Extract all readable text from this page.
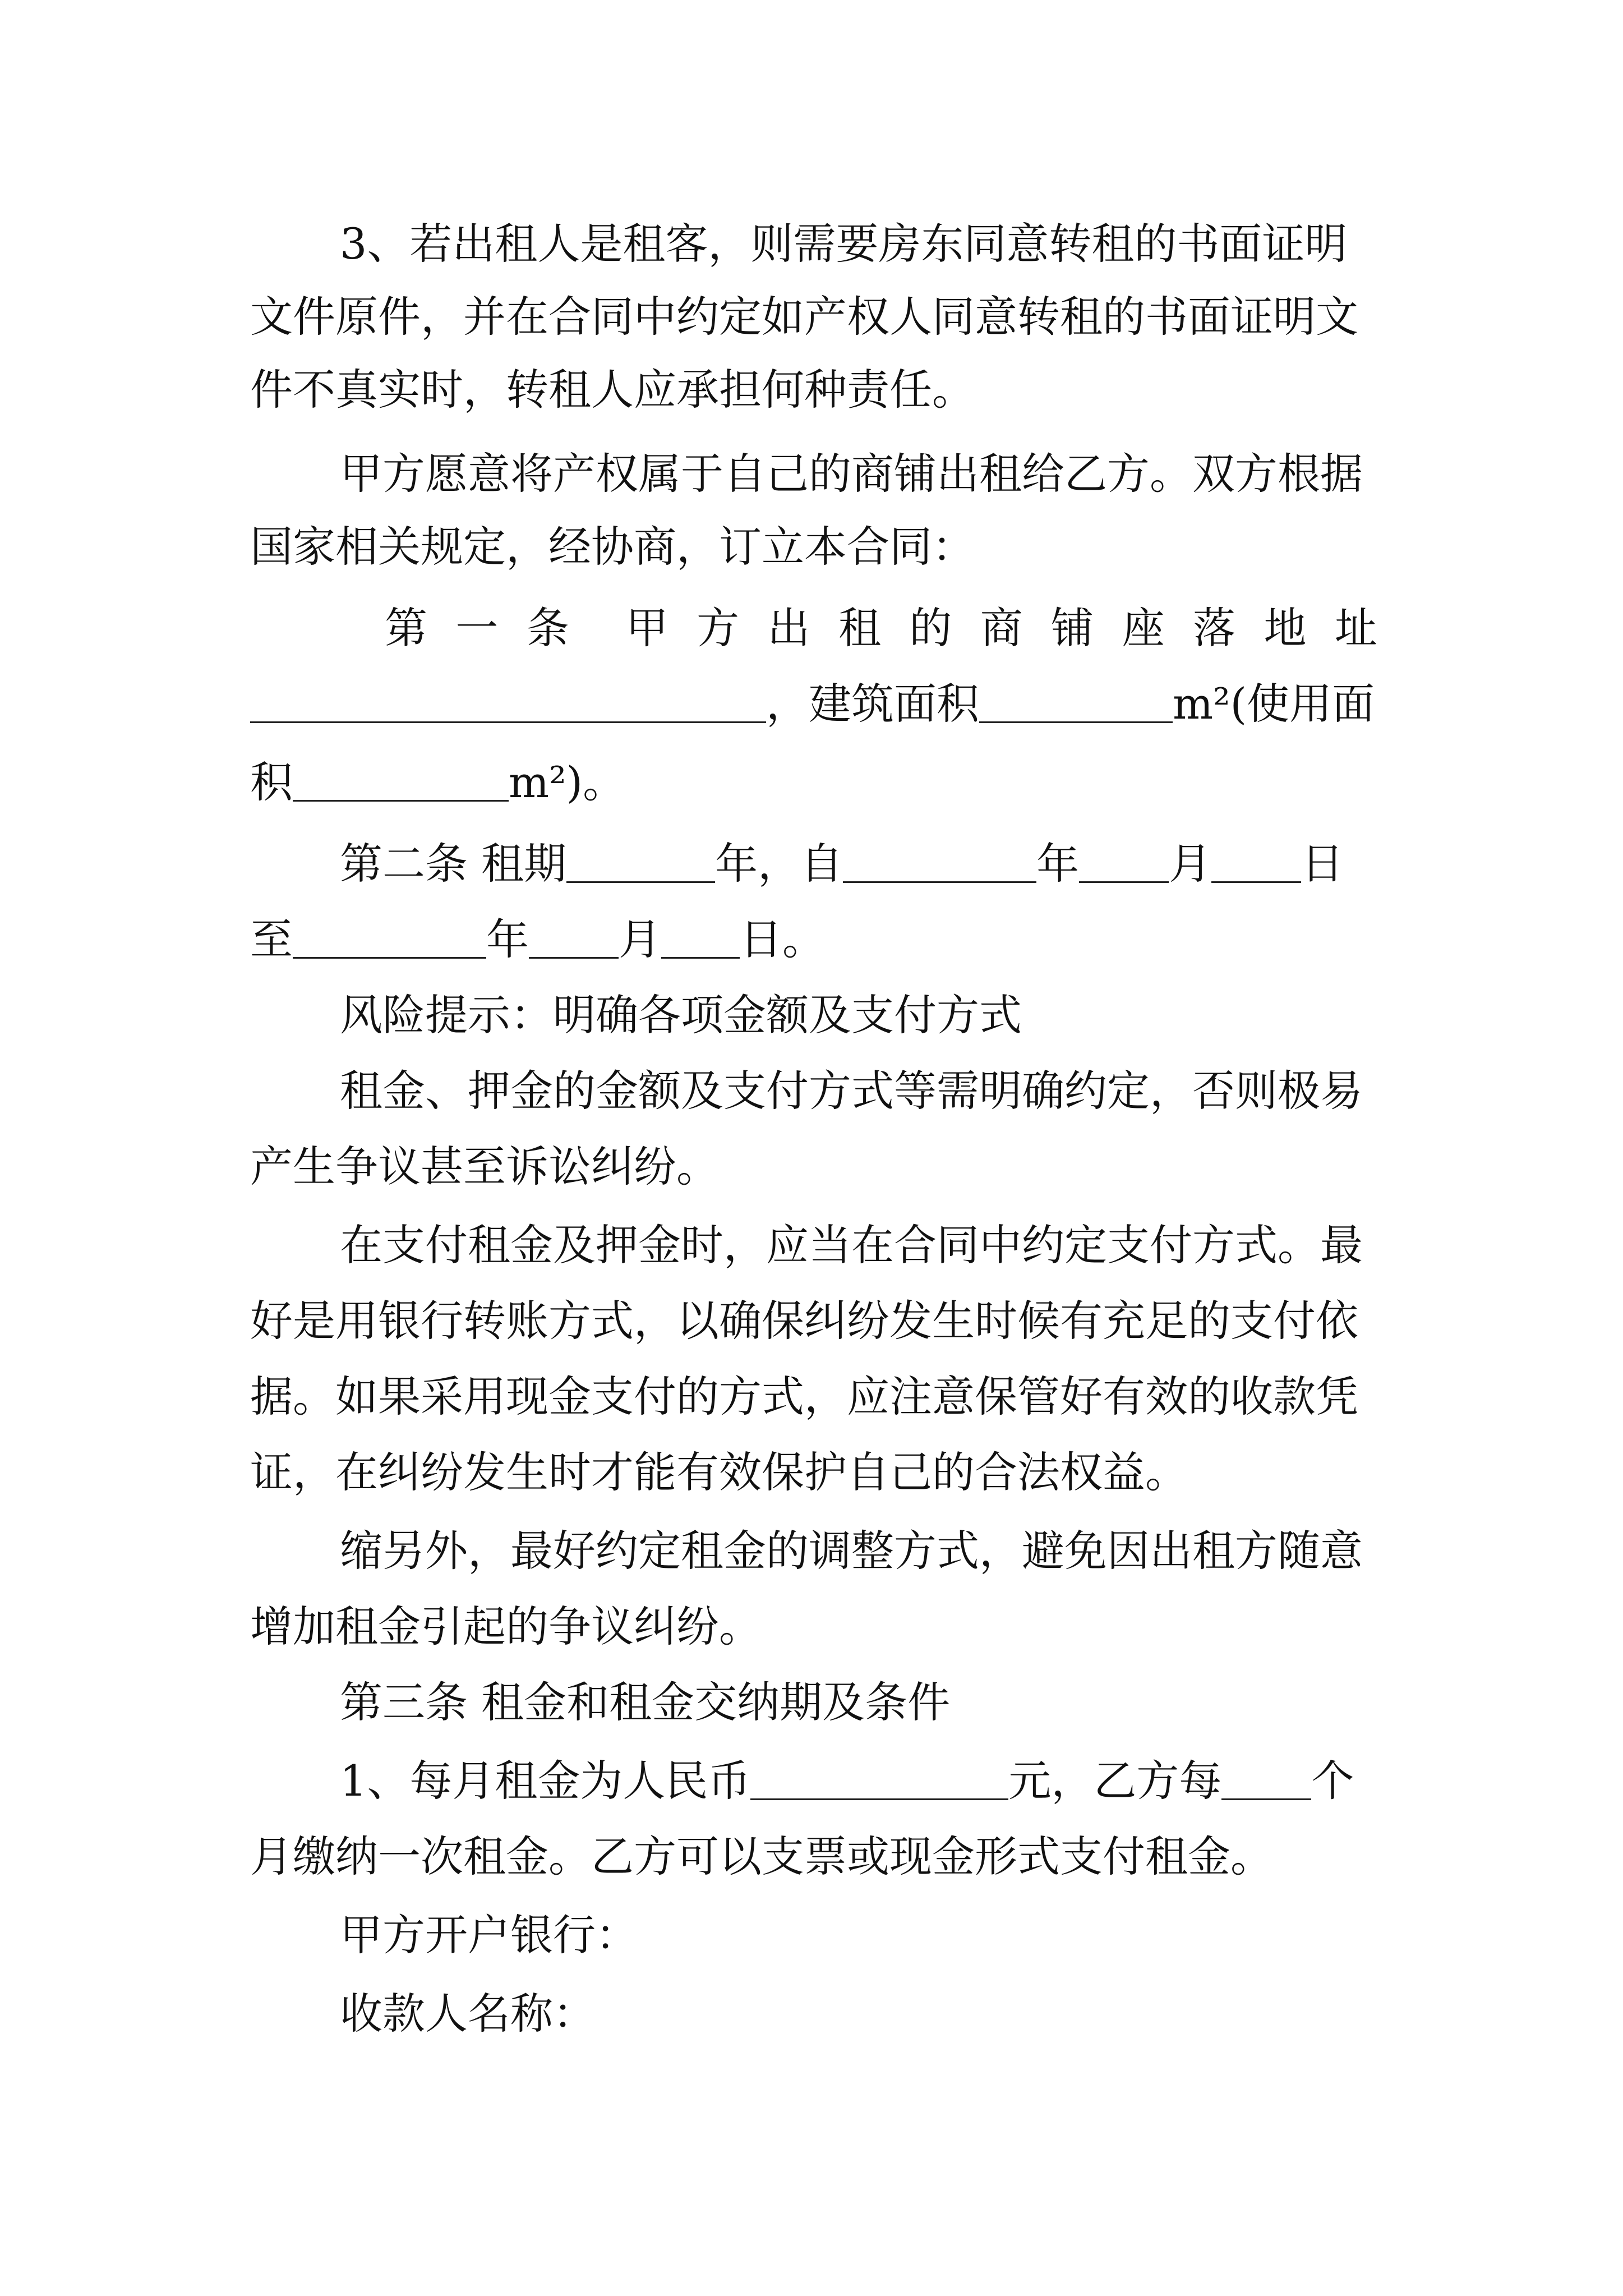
3、若出租人是租客，则需要房东同意转租的书面证明
文件原件，并在合同中约定如产权人同意转租的书面证明文
件不真实时，转租人应承担何种责任。
甲方愿意将产权属于自己的商铺出租给乙方。双方根据
国家相关规定，经协商，订立本合同：
第 一 条 甲 方 出 租 的 商 铺 座 落 地 址
，建筑面积	m²(使用面
积	m²)。
第二条 租期	年，自	年 月 日
至	年 月 日。
风险提示：明确各项金额及支付方式
租金、押金的金额及支付方式等需明确约定，否则极易
产生争议甚至诉讼纠纷。
在支付租金及押金时，应当在合同中约定支付方式。最
好是用银行转账方式，以确保纠纷发生时候有充足的支付依
据。如果采用现金支付的方式，应注意保管好有效的收款凭
证，在纠纷发生时才能有效保护自己的合法权益。
缩另外，最好约定租金的调整方式，避免因出租方随意
增加租金引起的争议纠纷。
第三条 租金和租金交纳期及条件
1、每月租金为人民币	元，乙方每 个
月缴纳一次租金。乙方可以支票或现金形式支付租金。
甲方开户银行：
收款人名称：
